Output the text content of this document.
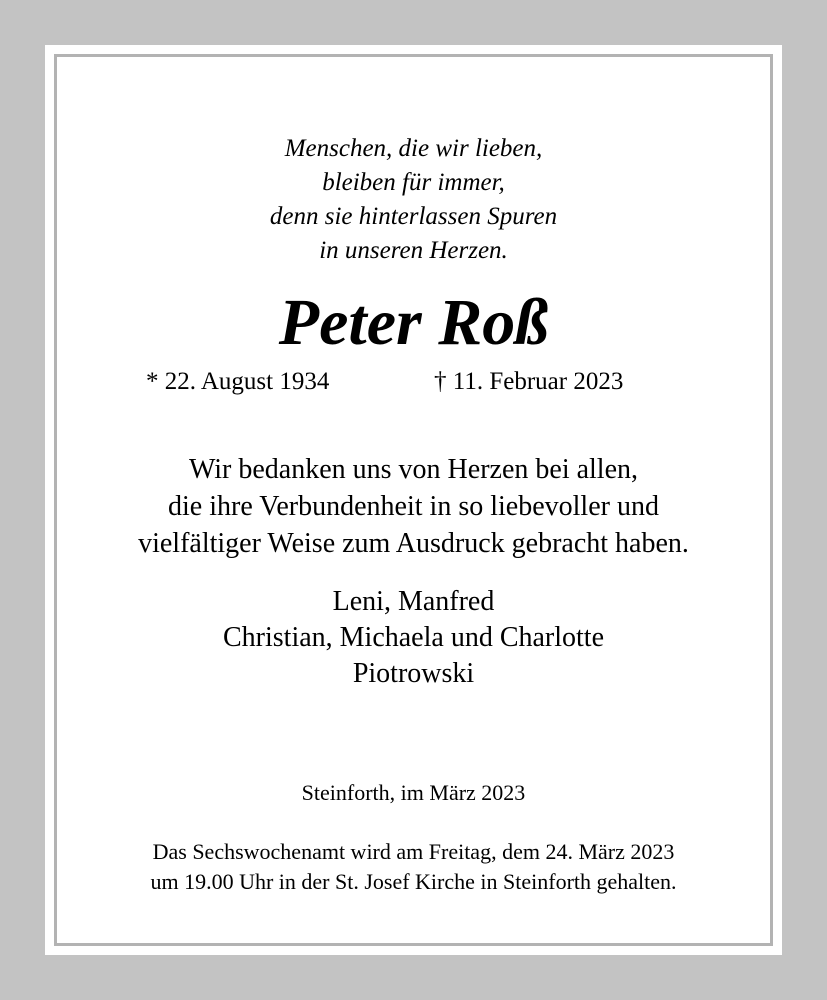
Menschen, die wir lieben,
bleiben für immer,
denn sie hinterlassen Spuren
in unseren Herzen.
Peter Roß
* 22. August 1934	† 11. Februar 2023
Wir bedanken uns von Herzen bei allen,
die ihre Verbundenheit in so liebevoller und
vielfältiger Weise zum Ausdruck gebracht haben.
Leni, Manfred
Christian, Michaela und Charlotte
Piotrowski
Steinforth, im März 2023
Das Sechswochenamt wird am Freitag, dem 24. März 2023
um 19.00 Uhr in der St. Josef Kirche in Steinforth gehalten.
